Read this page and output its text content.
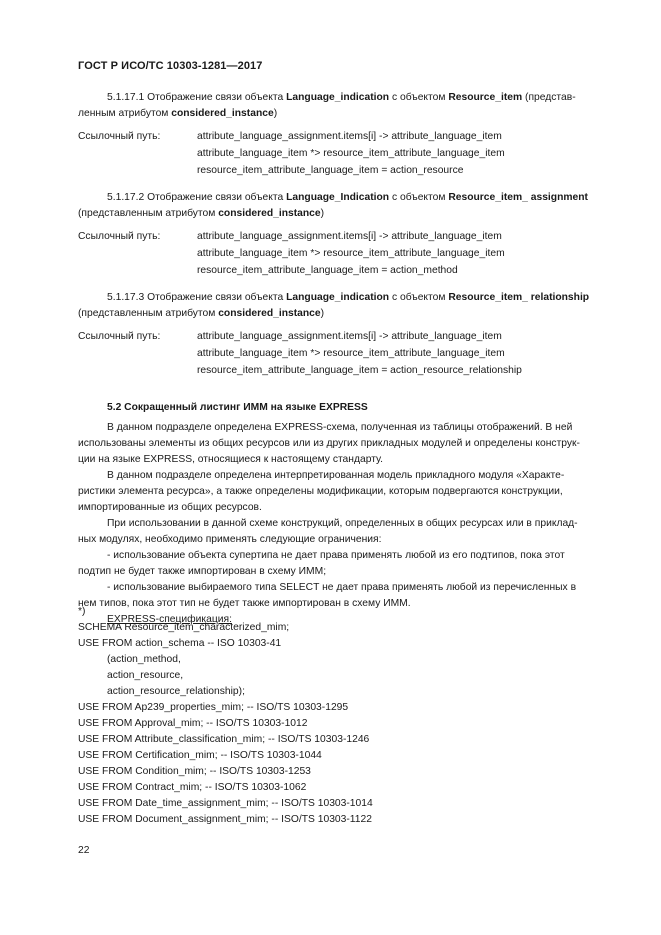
ГОСТ Р ИСО/ТС 10303-1281—2017
5.1.17.1 Отображение связи объекта Language_indication с объектом Resource_item (представ-
ленным атрибутом considered_instance)
Ссылочный путь:	attribute_language_assignment.items[i] -> attribute_language_item
attribute_language_item *> resource_item_attribute_language_item
resource_item_attribute_language_item = action_resource
5.1.17.2 Отображение связи объекта Language_Indication с объектом Resource_item_ assignment
(представленным атрибутом considered_instance)
Ссылочный путь:	attribute_language_assignment.items[i] -> attribute_language_item
attribute_language_item *> resource_item_attribute_language_item
resource_item_attribute_language_item = action_method
5.1.17.3 Отображение связи объекта Language_indication с объектом Resource_item_ relationship
(представленным атрибутом considered_instance)
Ссылочный путь:	attribute_language_assignment.items[i] -> attribute_language_item
attribute_language_item *> resource_item_attribute_language_item
resource_item_attribute_language_item = action_resource_relationship
5.2 Сокращенный листинг ИММ на языке EXPRESS
В данном подразделе определена EXPRESS-схема, полученная из таблицы отображений. В ней
использованы элементы из общих ресурсов или из других прикладных модулей и определены конструк-
ции на языке EXPRESS, относящиеся к настоящему стандарту.
В данном подразделе определена интерпретированная модель прикладного модуля «Характе-
ристики элемента ресурса», а также определены модификации, которым подвергаются конструкции,
импортированные из общих ресурсов.
При использовании в данной схеме конструкций, определенных в общих ресурсах или в приклад-
ных модулях, необходимо применять следующие ограничения:
- использование объекта супертипа не дает права применять любой из его подтипов, пока этот
подтип не будет также импортирован в схему ИММ;
- использование выбираемого типа SELECT не дает права применять любой из перечисленных в
нем типов, пока этот тип не будет также импортирован в схему ИММ.
EXPRESS-спецификация:
*)
SCHEMA Resource_item_characterized_mim;
USE FROM action_schema -- ISO 10303-41
(action_method,
action_resource,
action_resource_relationship);
USE FROM Ap239_properties_mim; -- ISO/TS 10303-1295
USE FROM Approval_mim; -- ISO/TS 10303-1012
USE FROM Attribute_classification_mim; -- ISO/TS 10303-1246
USE FROM Certification_mim; -- ISO/TS 10303-1044
USE FROM Condition_mim; -- ISO/TS 10303-1253
USE FROM Contract_mim; -- ISO/TS 10303-1062
USE FROM Date_time_assignment_mim; -- ISO/TS 10303-1014
USE FROM Document_assignment_mim; -- ISO/TS 10303-1122
22
